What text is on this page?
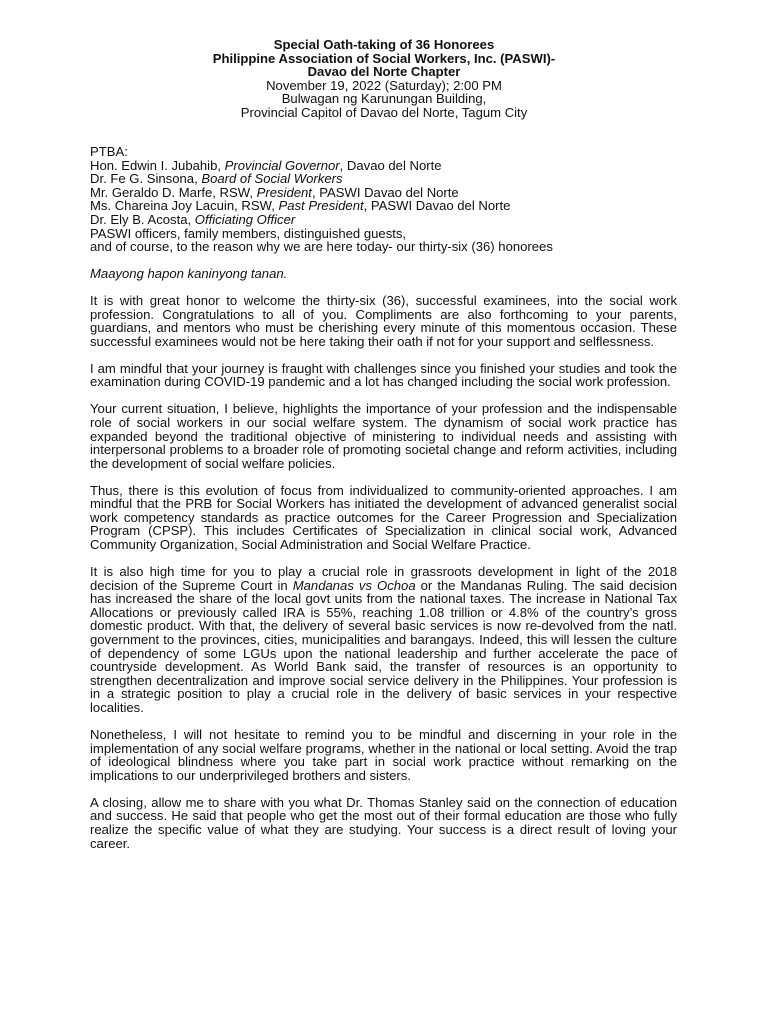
Special Oath-taking of 36 Honorees
Philippine Association of Social Workers, Inc. (PASWI)-
Davao del Norte Chapter
November 19, 2022 (Saturday); 2:00 PM
Bulwagan ng Karunungan Building,
Provincial Capitol of Davao del Norte, Tagum City
PTBA:
Hon. Edwin I. Jubahib, Provincial Governor, Davao del Norte
Dr. Fe G. Sinsona, Board of Social Workers
Mr. Geraldo D. Marfe, RSW, President, PASWI Davao del Norte
Ms. Chareina Joy Lacuin, RSW, Past President, PASWI Davao del Norte
Dr. Ely B. Acosta, Officiating Officer
PASWI officers, family members, distinguished guests,
and of course, to the reason why we are here today- our thirty-six (36) honorees
Maayong hapon kaninyong tanan.

It is with great honor to welcome the thirty-six (36), successful examinees, into the social work profession. Congratulations to all of you. Compliments are also forthcoming to your parents, guardians, and mentors who must be cherishing every minute of this momentous occasion. These successful examinees would not be here taking their oath if not for your support and selflessness.

I am mindful that your journey is fraught with challenges since you finished your studies and took the examination during COVID-19 pandemic and a lot has changed including the social work profession.

Your current situation, I believe, highlights the importance of your profession and the indispensable role of social workers in our social welfare system. The dynamism of social work practice has expanded beyond the traditional objective of ministering to individual needs and assisting with interpersonal problems to a broader role of promoting societal change and reform activities, including the development of social welfare policies.

Thus, there is this evolution of focus from individualized to community-oriented approaches. I am mindful that the PRB for Social Workers has initiated the development of advanced generalist social work competency standards as practice outcomes for the Career Progression and Specialization Program (CPSP). This includes Certificates of Specialization in clinical social work, Advanced Community Organization, Social Administration and Social Welfare Practice.

It is also high time for you to play a crucial role in grassroots development in light of the 2018 decision of the Supreme Court in Mandanas vs Ochoa or the Mandanas Ruling. The said decision has increased the share of the local govt units from the national taxes. The increase in National Tax Allocations or previously called IRA is 55%, reaching 1.08 trillion or 4.8% of the country’s gross domestic product. With that, the delivery of several basic services is now re-devolved from the natl. government to the provinces, cities, municipalities and barangays. Indeed, this will lessen the culture of dependency of some LGUs upon the national leadership and further accelerate the pace of countryside development. As World Bank said, the transfer of resources is an opportunity to strengthen decentralization and improve social service delivery in the Philippines. Your profession is in a strategic position to play a crucial role in the delivery of basic services in your respective localities.

Nonetheless, I will not hesitate to remind you to be mindful and discerning in your role in the implementation of any social welfare programs, whether in the national or local setting. Avoid the trap of ideological blindness where you take part in social work practice without remarking on the implications to our underprivileged brothers and sisters.

A closing, allow me to share with you what Dr. Thomas Stanley said on the connection of education and success. He said that people who get the most out of their formal education are those who fully realize the specific value of what they are studying. Your success is a direct result of loving your career.
